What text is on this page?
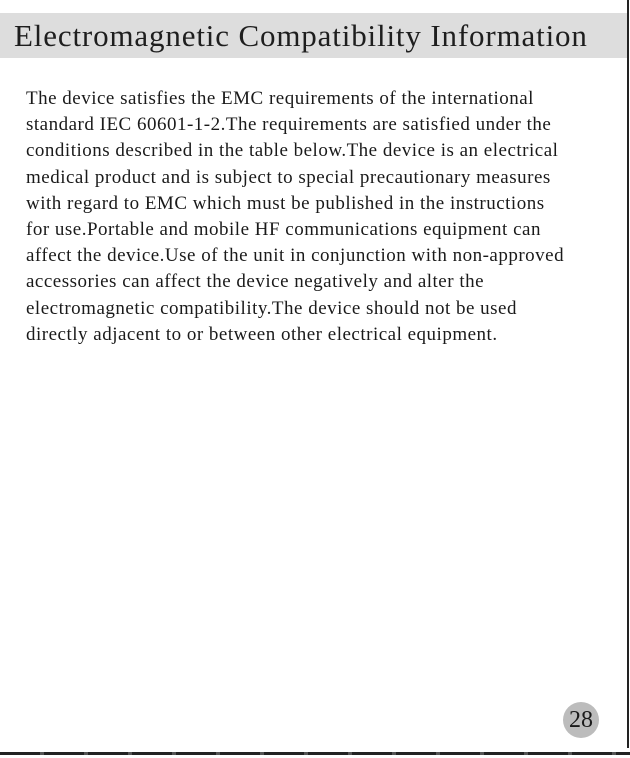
Electromagnetic Compatibility Information

The device satisfies the EMC requirements of the international
standard IEC 60601-1-2.The requirements are satisfied under the
conditions described in the table below.The device is an electrical
medical product and is subject to special precautionary measures
with regard to EMC which must be published in the instructions
for use.Portable and mobile HF communications equipment can
affect the device.Use of the unit in conjunction with non-approved
accessories can affect the device negatively and alter the
electromagnetic compatibility.The device should not be used
directly adjacent to or between other electrical equipment.

28
